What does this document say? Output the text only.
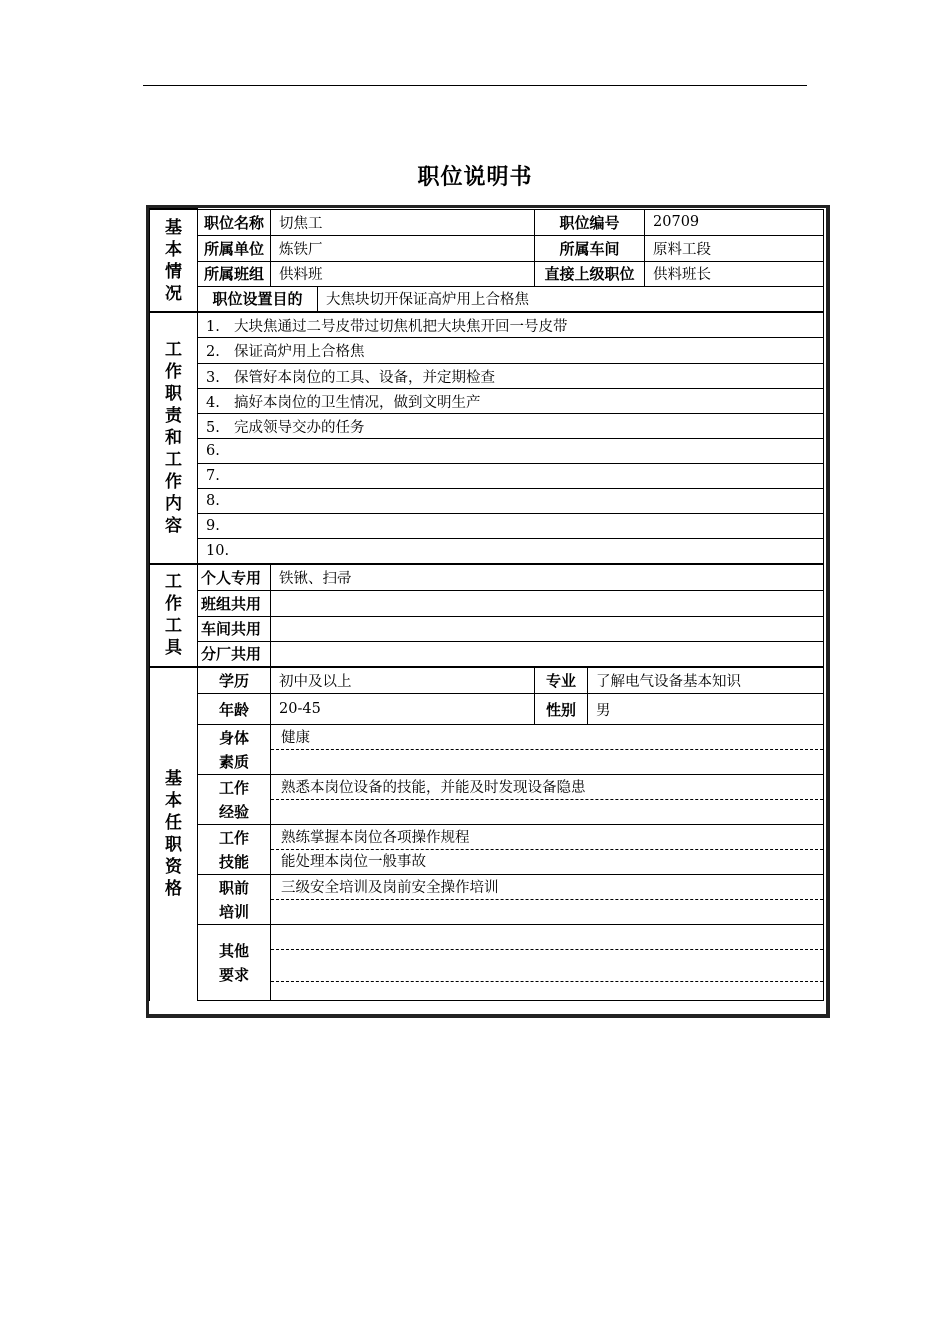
职位说明书
基本情况	职位名称	切焦工		职位编号		20709
	所属单位	炼铁厂		所属车间		原料工段
	所属班组	供料班		直接上级职位		供料班长
	职位设置目的		大焦块切开保证高炉用上合格焦			
工作职责和工作内容	1. 大块焦通过二号皮带过切焦机把大块焦开回一号皮带					
	2. 保证高炉用上合格焦					
	3. 保管好本岗位的工具、设备，并定期检查					
	4. 搞好本岗位的卫生情况，做到文明生产					
	5. 完成领导交办的任务					
	6.					
	7.					
	8.					
	9.					
	10.					
工作工具	个人专用	铁锹、扫帚				
	班组共用					
	车间共用					
	分厂共用					
基本任职资格	学历	初中及以上		专业	了解电气设备基本知识	
	年龄	20-45		性别	男	
	身体素质	健康				

	工作经验	熟悉本岗位设备的技能，并能及时发现设备隐患				

	工作技能	熟练掌握本岗位各项操作规程
能处理本岗位一般事故				

	职前培训	三级安全培训及岗前安全操作培训				

	其他要求					
